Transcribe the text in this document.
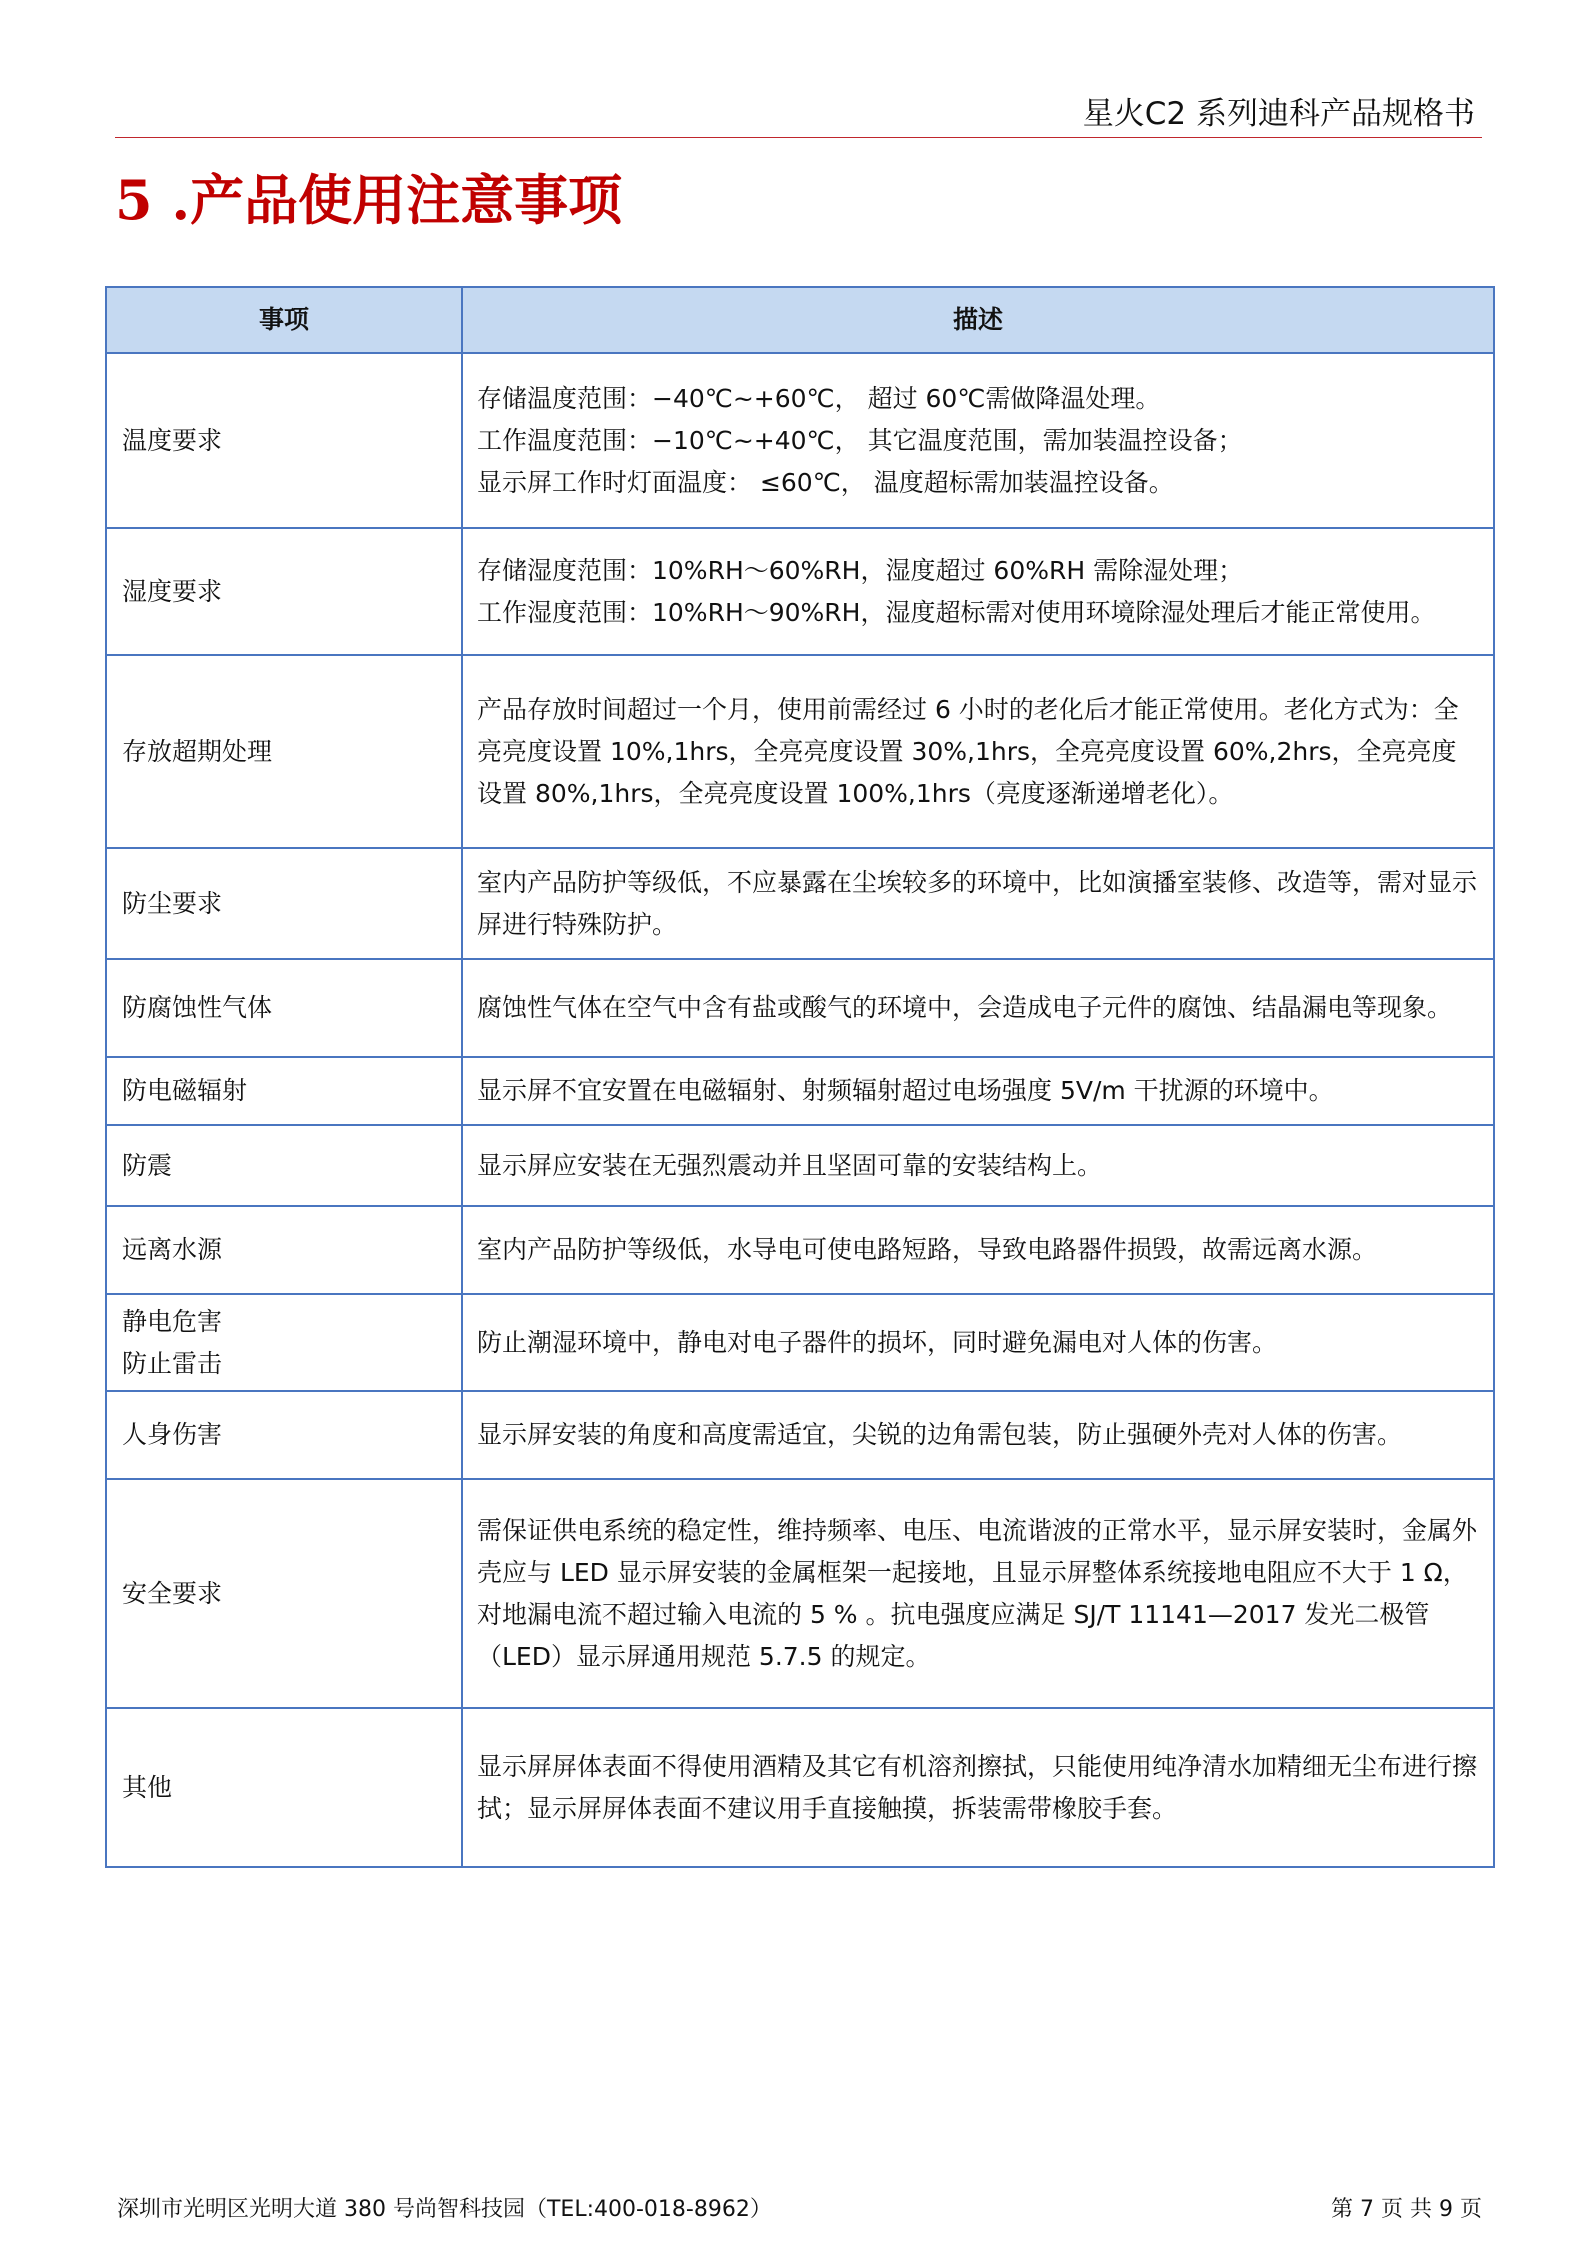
星火C2 系列迪科产品规格书
5 .产品使用注意事项
事项	描述

温度要求	存储温度范围：−40℃~+60℃， 超过 60℃需做降温处理。
工作温度范围：−10℃~+40℃， 其它温度范围，需加装温控设备；
显示屏工作时灯面温度： ≤60℃， 温度超标需加装温控设备。

湿度要求	存储湿度范围：10%RH～60%RH，湿度超过 60%RH 需除湿处理；
工作湿度范围：10%RH～90%RH，湿度超标需对使用环境除湿处理后才能正常使用。

存放超期处理	产品存放时间超过一个月，使用前需经过 6 小时的老化后才能正常使用。老化方式为：全亮亮度设置 10%,1hrs，全亮亮度设置 30%,1hrs，全亮亮度设置 60%,2hrs，全亮亮度设置 80%,1hrs，全亮亮度设置 100%,1hrs（亮度逐渐递增老化）。

防尘要求	室内产品防护等级低，不应暴露在尘埃较多的环境中，比如演播室装修、改造等，需对显示屏进行特殊防护。

防腐蚀性气体	腐蚀性气体在空气中含有盐或酸气的环境中，会造成电子元件的腐蚀、结晶漏电等现象。

防电磁辐射	显示屏不宜安置在电磁辐射、射频辐射超过电场强度 5V/m 干扰源的环境中。

防震	显示屏应安装在无强烈震动并且坚固可靠的安装结构上。

远离水源	室内产品防护等级低，水导电可使电路短路，导致电路器件损毁，故需远离水源。

静电危害
防止雷击	防止潮湿环境中，静电对电子器件的损坏，同时避免漏电对人体的伤害。

人身伤害	显示屏安装的角度和高度需适宜，尖锐的边角需包装，防止强硬外壳对人体的伤害。

安全要求	需保证供电系统的稳定性，维持频率、电压、电流谐波的正常水平，显示屏安装时，金属外壳应与 LED 显示屏安装的金属框架一起接地，且显示屏整体系统接地电阻应不大于 1 Ω，对地漏电流不超过输入电流的 5 % 。抗电强度应满足 SJ/T 11141—2017 发光二极管（LED）显示屏通用规范 5.7.5 的规定。

其他	显示屏屏体表面不得使用酒精及其它有机溶剂擦拭，只能使用纯净清水加精细无尘布进行擦拭；显示屏屏体表面不建议用手直接触摸，拆装需带橡胶手套。
深圳市光明区光明大道 380 号尚智科技园（TEL:400-018-8962）	第 7 页 共 9 页
